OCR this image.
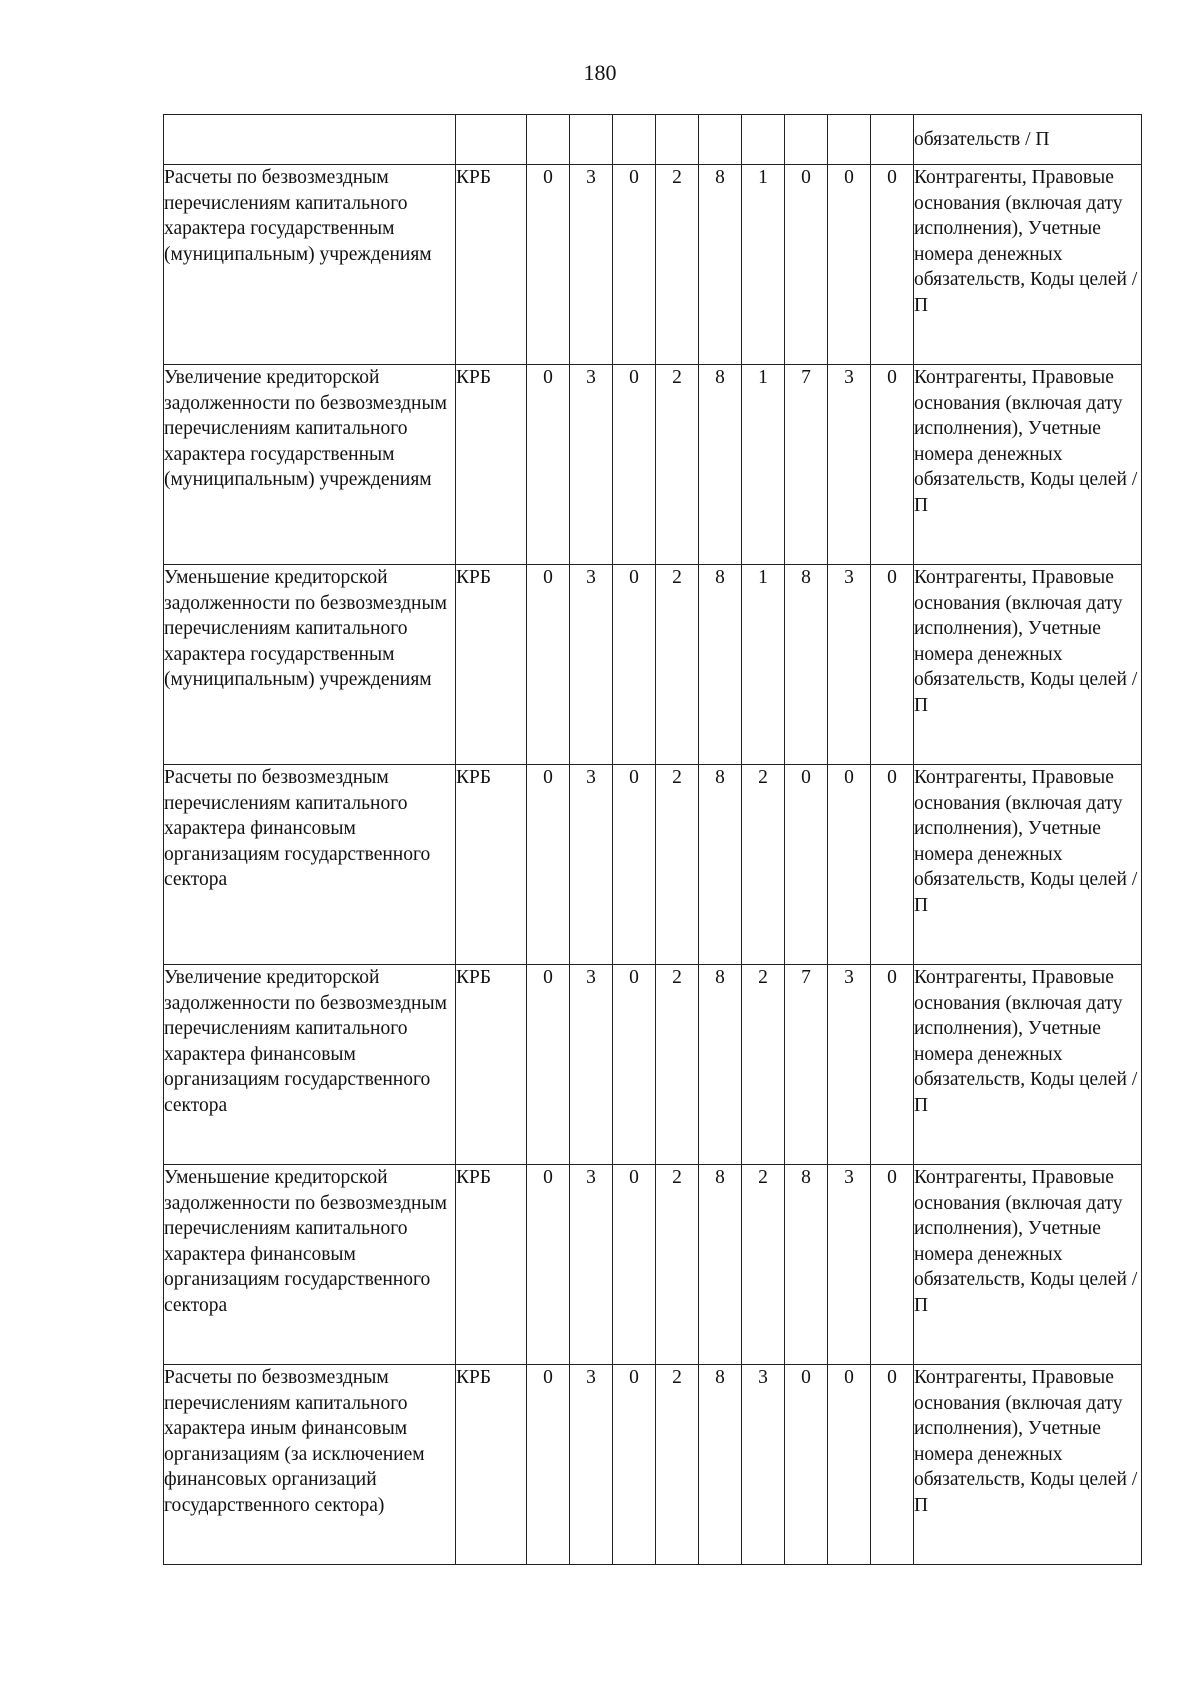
180
											обязательств / П
Расчеты по безвозмездным перечислениям капитального характера государственным (муниципальным) учреждениям	КРБ	0	3	0	2	8	1	0	0	0	Контрагенты, Правовые основания (включая дату исполнения), Учетные номера денежных обязательств, Коды целей / П
Увеличение кредиторской задолженности по безвозмездным перечислениям капитального характера государственным (муниципальным) учреждениям	КРБ	0	3	0	2	8	1	7	3	0	Контрагенты, Правовые основания (включая дату исполнения), Учетные номера денежных обязательств, Коды целей / П
Уменьшение кредиторской задолженности по безвозмездным перечислениям капитального характера государственным (муниципальным) учреждениям	КРБ	0	3	0	2	8	1	8	3	0	Контрагенты, Правовые основания (включая дату исполнения), Учетные номера денежных обязательств, Коды целей / П
Расчеты по безвозмездным перечислениям капитального характера финансовым организациям государственного сектора	КРБ	0	3	0	2	8	2	0	0	0	Контрагенты, Правовые основания (включая дату исполнения), Учетные номера денежных обязательств, Коды целей / П
Увеличение кредиторской задолженности по безвозмездным перечислениям капитального характера финансовым организациям государственного сектора	КРБ	0	3	0	2	8	2	7	3	0	Контрагенты, Правовые основания (включая дату исполнения), Учетные номера денежных обязательств, Коды целей / П
Уменьшение кредиторской задолженности по безвозмездным перечислениям капитального характера финансовым организациям государственного сектора	КРБ	0	3	0	2	8	2	8	3	0	Контрагенты, Правовые основания (включая дату исполнения), Учетные номера денежных обязательств, Коды целей / П
Расчеты по безвозмездным перечислениям капитального характера иным финансовым организациям (за исключением финансовых организаций государственного сектора)	КРБ	0	3	0	2	8	3	0	0	0	Контрагенты, Правовые основания (включая дату исполнения), Учетные номера денежных обязательств, Коды целей / П
